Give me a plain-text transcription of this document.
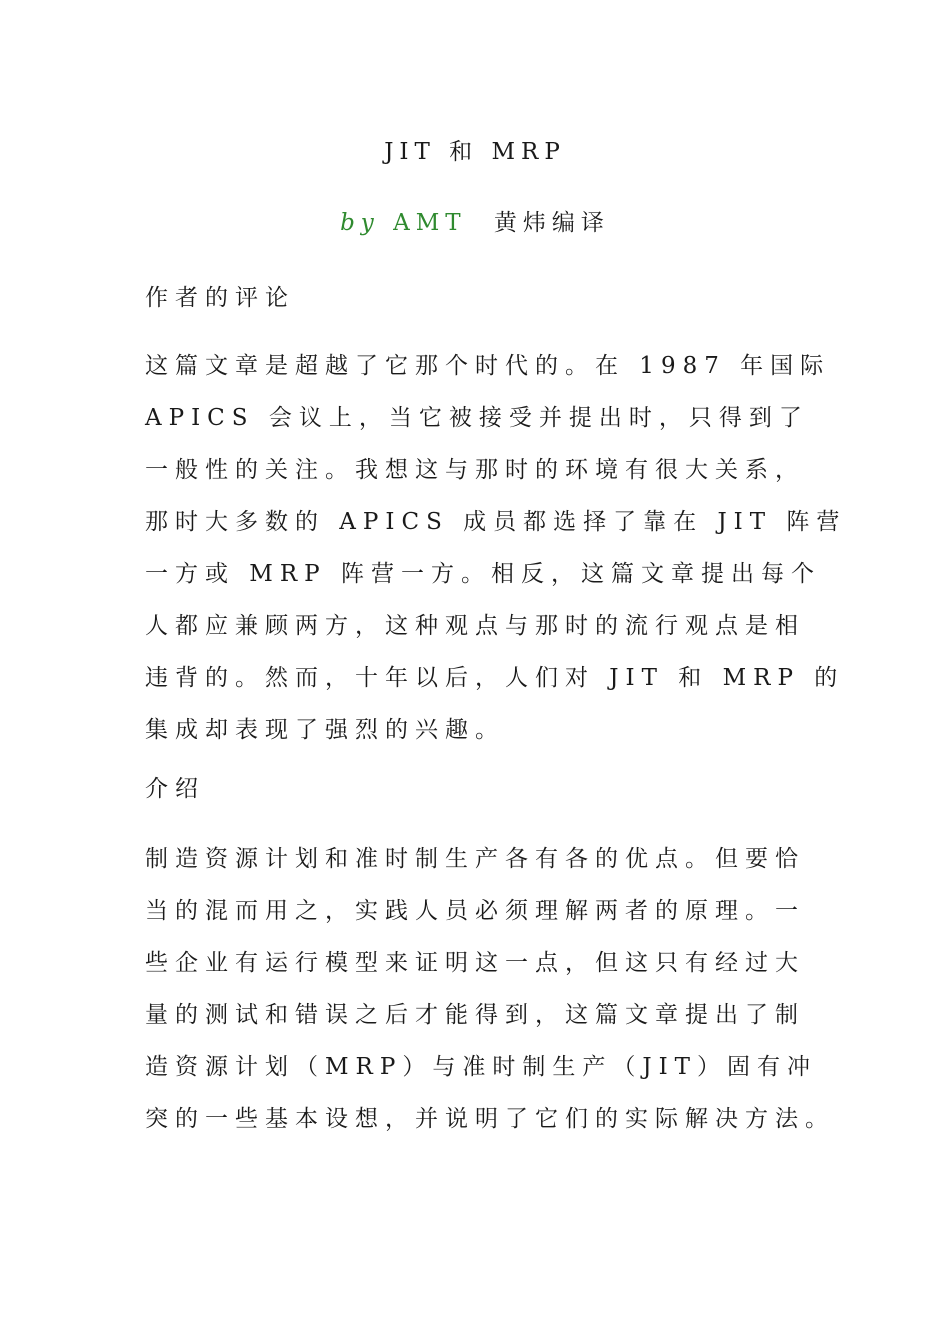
JIT 和 MRP
by AMT 黄炜编译
作者的评论
这篇文章是超越了它那个时代的。在 1987 年国际
APICS 会议上，当它被接受并提出时，只得到了
一般性的关注。我想这与那时的环境有很大关系，
那时大多数的 APICS 成员都选择了靠在 JIT 阵营
一方或 MRP 阵营一方。相反，这篇文章提出每个
人都应兼顾两方，这种观点与那时的流行观点是相
违背的。然而，十年以后，人们对 JIT 和 MRP 的
集成却表现了强烈的兴趣。
介绍
制造资源计划和准时制生产各有各的优点。但要恰
当的混而用之，实践人员必须理解两者的原理。一
些企业有运行模型来证明这一点，但这只有经过大
量的测试和错误之后才能得到，这篇文章提出了制
造资源计划（MRP）与准时制生产（JIT）固有冲
突的一些基本设想，并说明了它们的实际解决方法。
